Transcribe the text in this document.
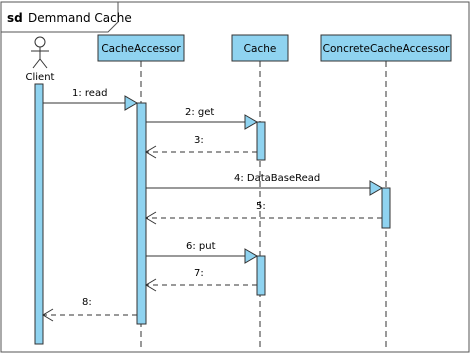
sd Demmand Cache
Client
CacheAccessor	Cache	ConcreteCacheAccessor
1: read
2: get
3:
4: DataBaseRead
5:
6: put
7:
8:
